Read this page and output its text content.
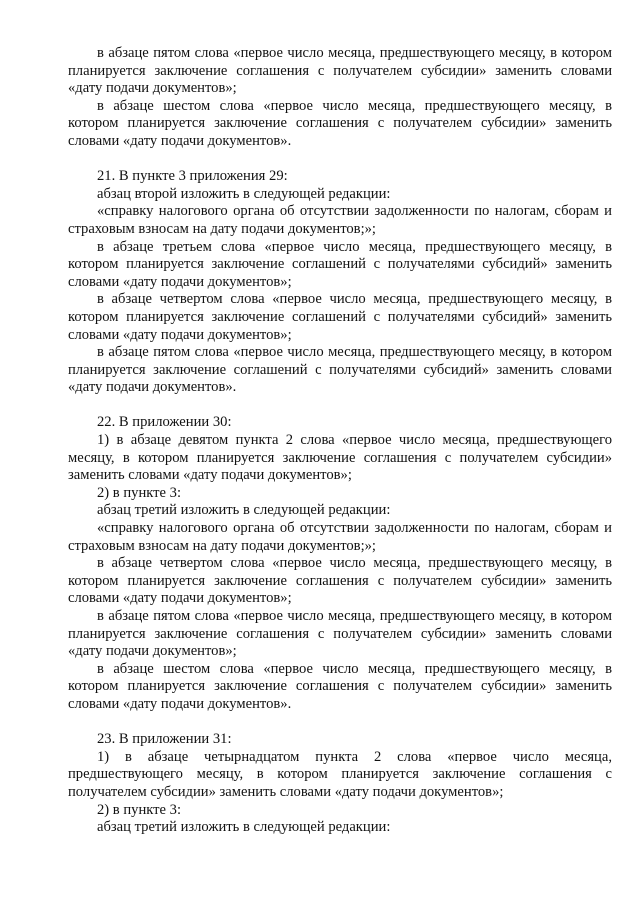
в абзаце пятом слова «первое число месяца, предшествующего месяцу, в котором планируется заключение соглашения с получателем субсидии» заменить словами «дату подачи документов»;

в абзаце шестом слова «первое число месяца, предшествующего месяцу, в котором планируется заключение соглашения с получателем субсидии» заменить словами «дату подачи документов».

21. В пункте 3 приложения 29:

абзац второй изложить в следующей редакции:

«справку налогового органа об отсутствии задолженности по налогам, сборам и страховым взносам на дату подачи документов;»;

в абзаце третьем слова «первое число месяца, предшествующего месяцу, в котором планируется заключение соглашений с получателями субсидий» заменить словами «дату подачи документов»;

в абзаце четвертом слова «первое число месяца, предшествующего месяцу, в котором планируется заключение соглашений с получателями субсидий» заменить словами «дату подачи документов»;

в абзаце пятом слова «первое число месяца, предшествующего месяцу, в котором планируется заключение соглашений с получателями субсидий» заменить словами «дату подачи документов».

22. В приложении 30:

1) в абзаце девятом пункта 2 слова «первое число месяца, предшествующего месяцу, в котором планируется заключение соглашения с получателем субсидии» заменить словами «дату подачи документов»;

2) в пункте 3:

абзац третий изложить в следующей редакции:

«справку налогового органа об отсутствии задолженности по налогам, сборам и страховым взносам на дату подачи документов;»;

в абзаце четвертом слова «первое число месяца, предшествующего месяцу, в котором планируется заключение соглашения с получателем субсидии» заменить словами «дату подачи документов»;

в абзаце пятом слова «первое число месяца, предшествующего месяцу, в котором планируется заключение соглашения с получателем субсидии» заменить словами «дату подачи документов»;

в абзаце шестом слова «первое число месяца, предшествующего месяцу, в котором планируется заключение соглашения с получателем субсидии» заменить словами «дату подачи документов».

23. В приложении 31:

1) в абзаце четырнадцатом пункта 2 слова «первое число месяца, предшествующего месяцу, в котором планируется заключение соглашения с получателем субсидии» заменить словами «дату подачи документов»;

2) в пункте 3:

абзац третий изложить в следующей редакции:
